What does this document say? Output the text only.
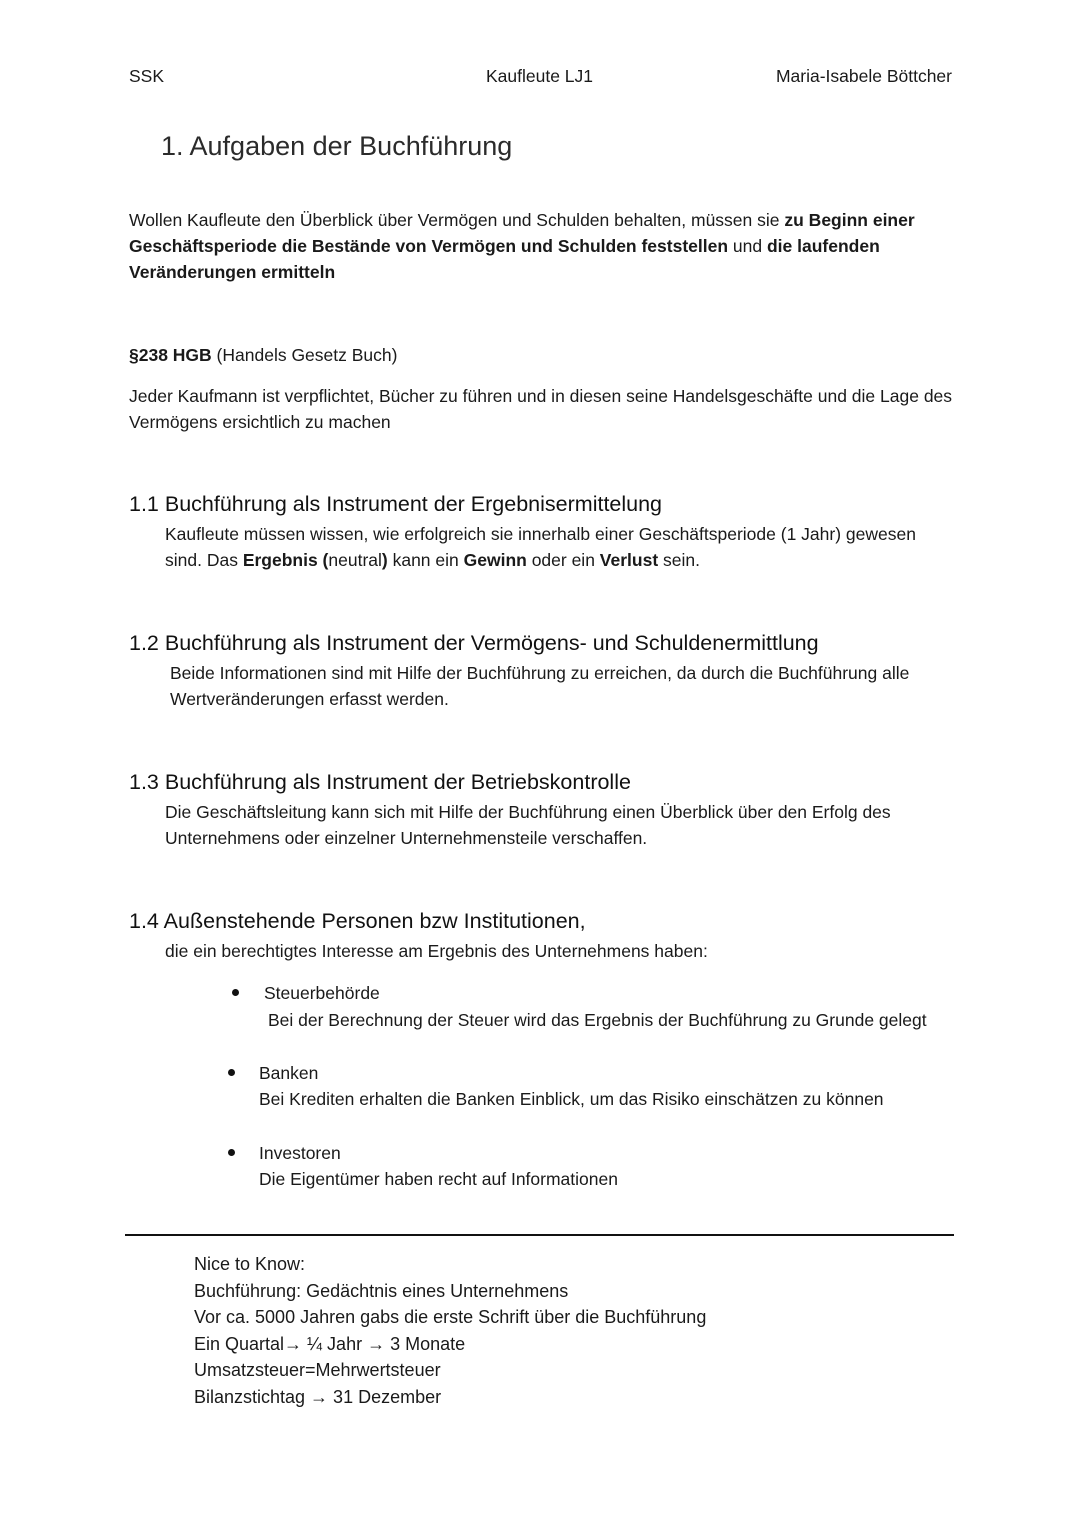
SSK	Kaufleute LJ1	Maria-Isabele Böttcher
1. Aufgaben der Buchführung
Wollen Kaufleute den Überblick über Vermögen und Schulden behalten, müssen sie zu Beginn einer Geschäftsperiode die Bestände von Vermögen und Schulden feststellen und die laufenden Veränderungen ermitteln
§238 HGB (Handels Gesetz Buch)
Jeder Kaufmann ist verpflichtet, Bücher zu führen und in diesen seine Handelsgeschäfte und die Lage des Vermögens ersichtlich zu machen
1.1 Buchführung als Instrument der Ergebnisermittelung
Kaufleute müssen wissen, wie erfolgreich sie innerhalb einer Geschäftsperiode (1 Jahr) gewesen sind. Das Ergebnis (neutral) kann ein Gewinn oder ein Verlust sein.
1.2 Buchführung als Instrument der Vermögens- und Schuldenermittlung
Beide Informationen sind mit Hilfe der Buchführung zu erreichen, da durch die Buchführung alle Wertveränderungen erfasst werden.
1.3 Buchführung als Instrument der Betriebskontrolle
Die Geschäftsleitung kann sich mit Hilfe der Buchführung einen Überblick über den Erfolg des Unternehmens oder einzelner Unternehmensteile verschaffen.
1.4 Außenstehende Personen bzw Institutionen,
die ein berechtigtes Interesse am Ergebnis des Unternehmens haben:
Steuerbehörde
Bei der Berechnung der Steuer wird das Ergebnis der Buchführung zu Grunde gelegt
Banken
Bei Krediten erhalten die Banken Einblick, um das Risiko einschätzen zu können
Investoren
Die Eigentümer haben recht auf Informationen
Nice to Know:
Buchführung: Gedächtnis eines Unternehmens
Vor ca. 5000 Jahren gabs die erste Schrift über die Buchführung
Ein Quartal→ ¼ Jahr → 3 Monate
Umsatzsteuer=Mehrwertsteuer
Bilanzstichtag → 31 Dezember
